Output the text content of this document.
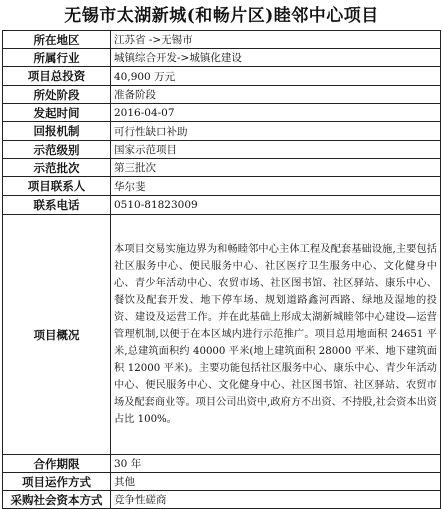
无锡市太湖新城(和畅片区)睦邻中心项目
所在地区	江苏省 ->无锡市
所属行业	城镇综合开发->城镇化建设
项目总投资	40,900 万元
所处阶段	准备阶段
发起时间	2016-04-07
回报机制	可行性缺口补助
示范级别	国家示范项目
示范批次	第三批次
项目联系人	华尔斐
联系电话	0510-81823009
项目概况	本项目交易实施边界为和畅睦邻中心主体工程及配套基础设施,主要包括社区服务中心、便民服务中心、社区医疗卫生服务中心、文化健身中心、青少年活动中心、农贸市场、社区图书馆、社区驿站、康乐中心、餐饮及配套开发、地下停车场、规划道路鑫河西路、绿地及湿地的投资、建设及运营工作。并在此基础上形成太湖新城睦邻中心建设—运营管理机制,以便于在本区域内进行示范推广。项目总用地面积 24651 平米,总建筑面积约 40000 平米(地上建筑面积 28000 平米、地下建筑面积 12000 平米)。主要功能包括社区服务中心、康乐中心、青少年活动中心、便民服务中心、文化健身中心、社区图书馆、社区驿站、农贸市场及配套商业等。项目公司出资中,政府方不出资、不持股,社会资本出资占比 100%。
合作期限	30 年
项目运作方式	其他
采购社会资本方式	竞争性磋商
